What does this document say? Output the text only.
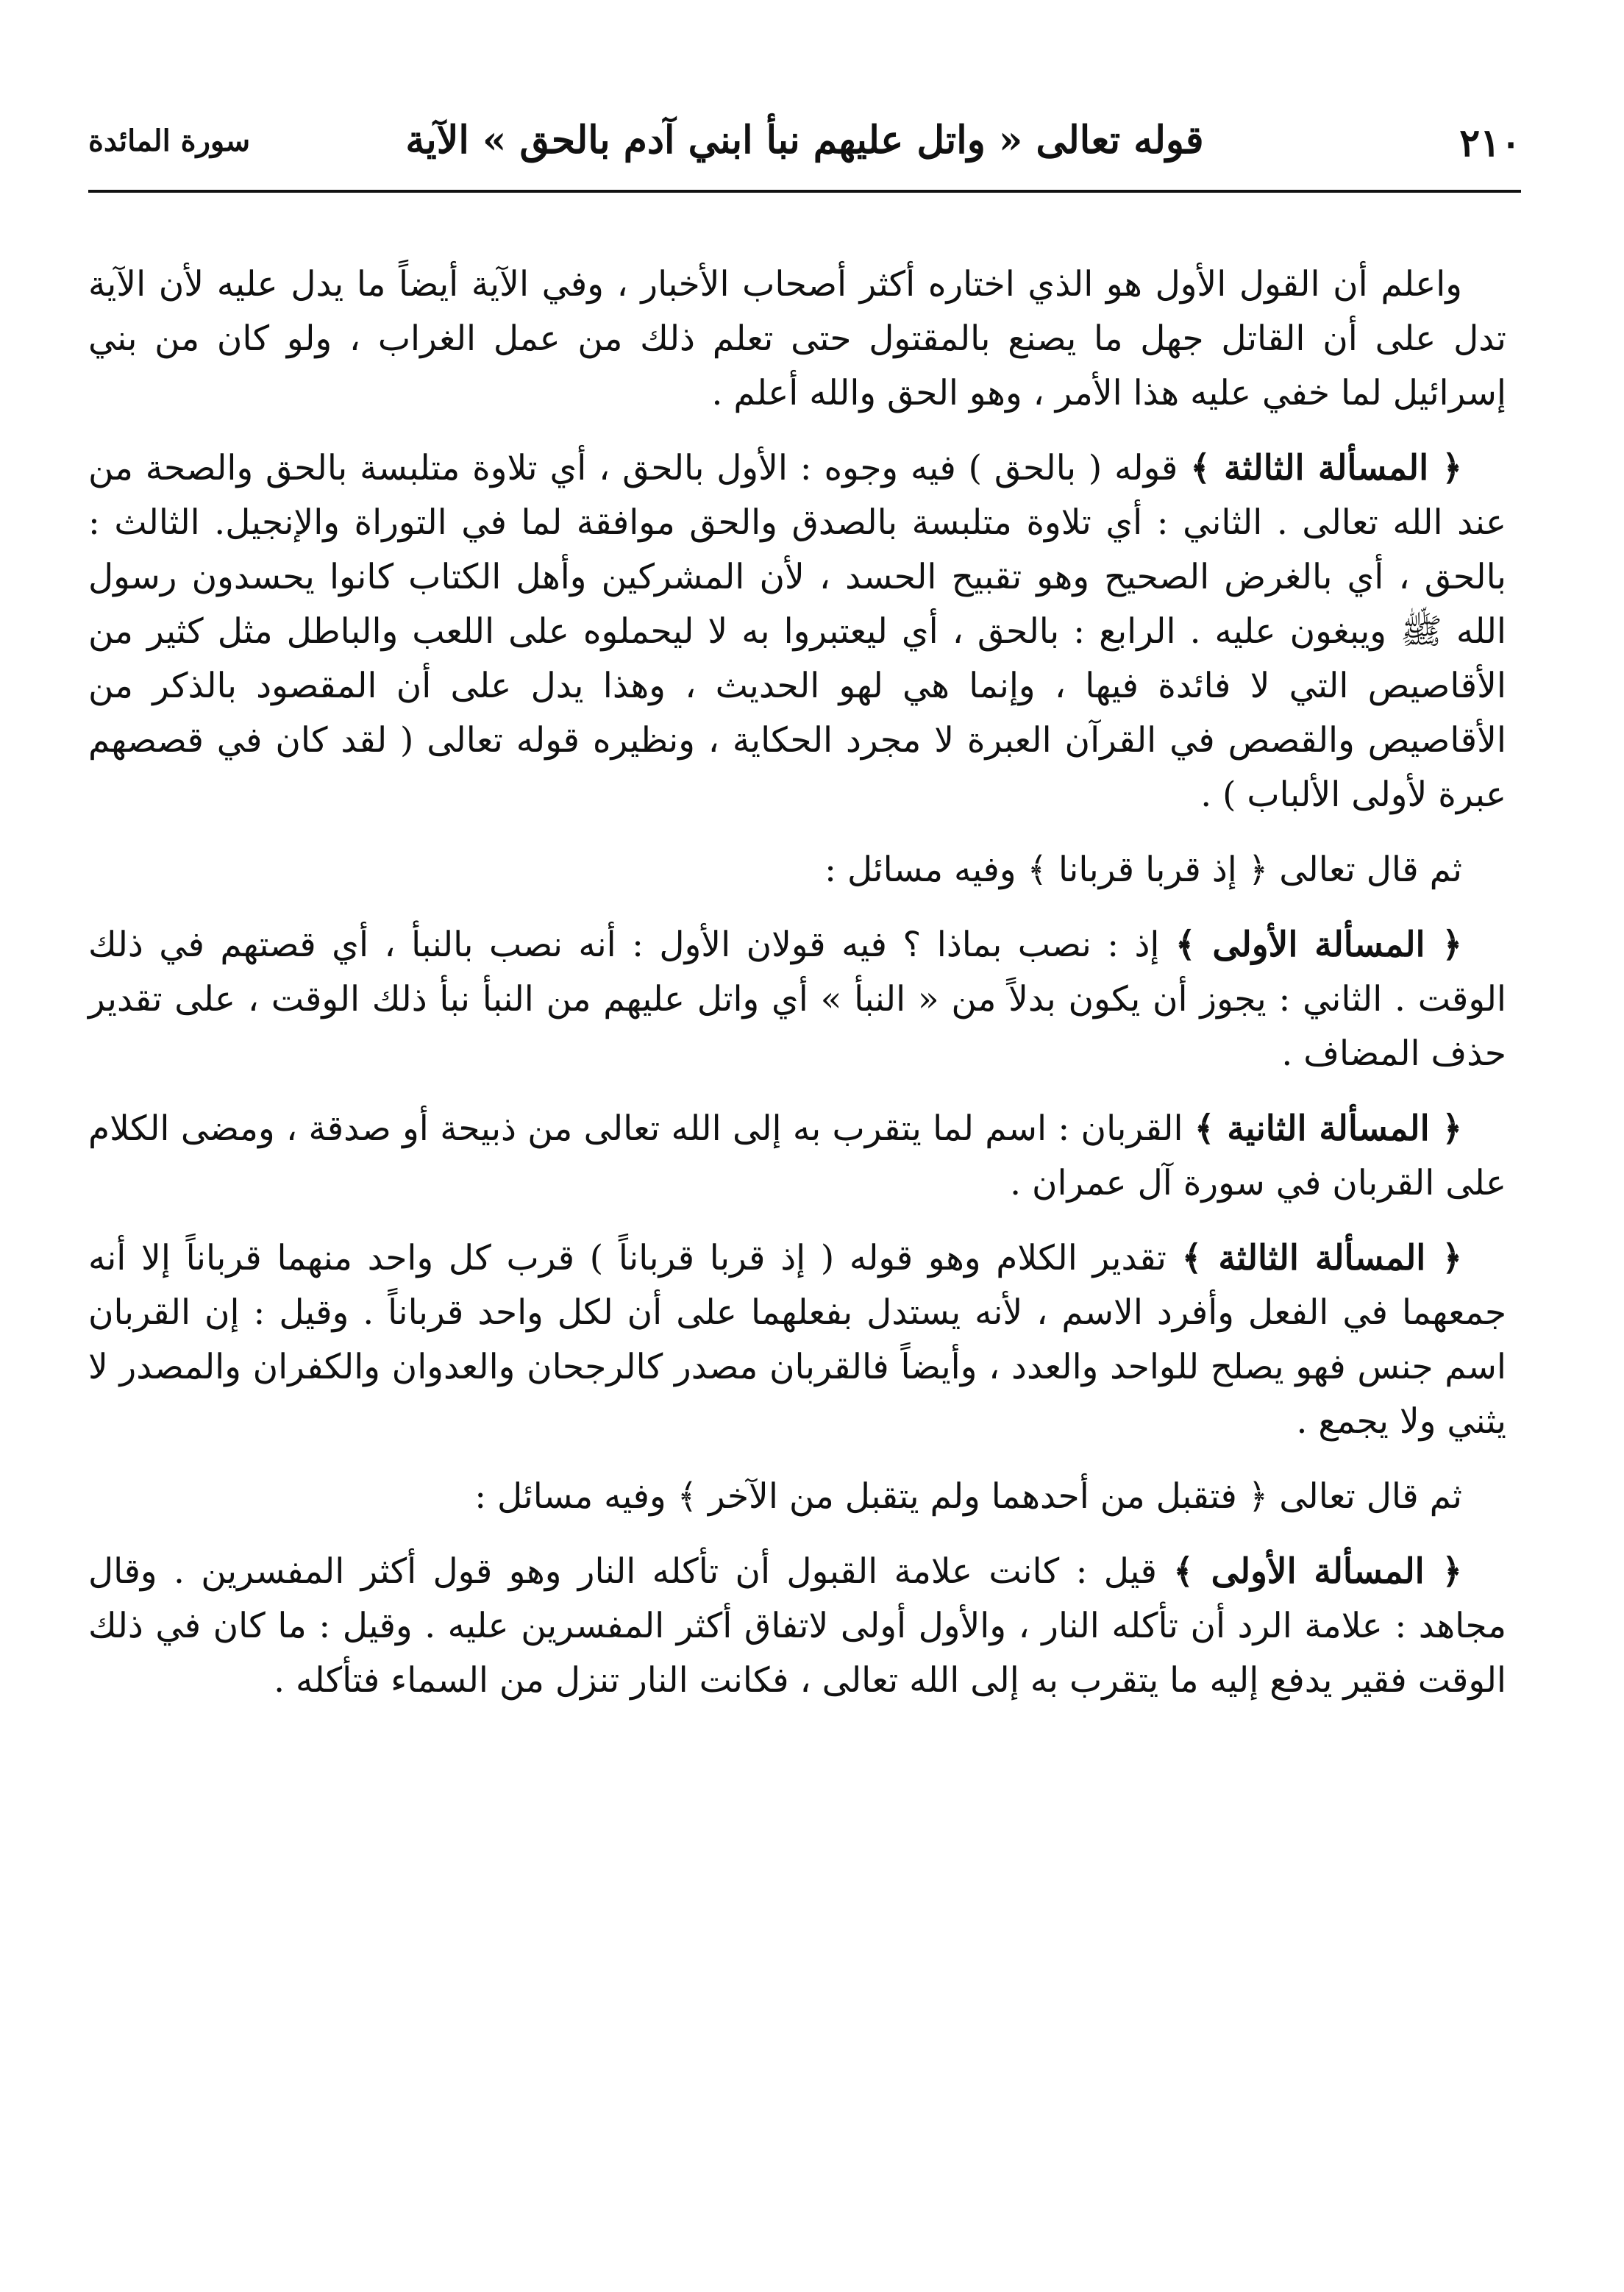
٢١٠
قوله تعالى « واتل عليهم نبأ ابني آدم بالحق » الآية
سورة المائدة

واعلم أن القول الأول هو الذي اختاره أكثر أصحاب الأخبار ، وفي الآية أيضاً ما يدل عليه لأن الآية تدل على أن القاتل جهل ما يصنع بالمقتول حتى تعلم ذلك من عمل الغراب ، ولو كان من بني إسرائيل لما خفي عليه هذا الأمر ، وهو الحق والله أعلم .

﴿ المسألة الثالثة ﴾ قوله ( بالحق ) فيه وجوه : الأول بالحق ، أي تلاوة متلبسة بالحق والصحة من عند الله تعالى . الثاني : أي تلاوة متلبسة بالصدق والحق موافقة لما في التوراة والإنجيل. الثالث : بالحق ، أي بالغرض الصحيح وهو تقبيح الحسد ، لأن المشركين وأهل الكتاب كانوا يحسدون رسول الله ﷺ ويبغون عليه . الرابع : بالحق ، أي ليعتبروا به لا ليحملوه على اللعب والباطل مثل كثير من الأقاصيص التي لا فائدة فيها ، وإنما هي لهو الحديث ، وهذا يدل على أن المقصود بالذكر من الأقاصيص والقصص في القرآن العبرة لا مجرد الحكاية ، ونظيره قوله تعالى ( لقد كان في قصصهم عبرة لأولى الألباب ) .

ثم قال تعالى ﴿ إذ قربا قربانا ﴾ وفيه مسائل :

﴿ المسألة الأولى ﴾ إذ : نصب بماذا ؟ فيه قولان الأول : أنه نصب بالنبأ ، أي قصتهم في ذلك الوقت . الثاني : يجوز أن يكون بدلاً من « النبأ » أي واتل عليهم من النبأ نبأ ذلك الوقت ، على تقدير حذف المضاف .

﴿ المسألة الثانية ﴾ القربان : اسم لما يتقرب به إلى الله تعالى من ذبيحة أو صدقة ، ومضى الكلام على القربان في سورة آل عمران .

﴿ المسألة الثالثة ﴾ تقدير الكلام وهو قوله ( إذ قربا قرباناً ) قرب كل واحد منهما قرباناً إلا أنه جمعهما في الفعل وأفرد الاسم ، لأنه يستدل بفعلهما على أن لكل واحد قرباناً . وقيل : إن القربان اسم جنس فهو يصلح للواحد والعدد ، وأيضاً فالقربان مصدر كالرجحان والعدوان والكفران والمصدر لا يثني ولا يجمع .

ثم قال تعالى ﴿ فتقبل من أحدهما ولم يتقبل من الآخر ﴾ وفيه مسائل :

﴿ المسألة الأولى ﴾ قيل : كانت علامة القبول أن تأكله النار وهو قول أكثر المفسرين . وقال مجاهد : علامة الرد أن تأكله النار ، والأول أولى لاتفاق أكثر المفسرين عليه . وقيل : ما كان في ذلك الوقت فقير يدفع إليه ما يتقرب به إلى الله تعالى ، فكانت النار تنزل من السماء فتأكله .
